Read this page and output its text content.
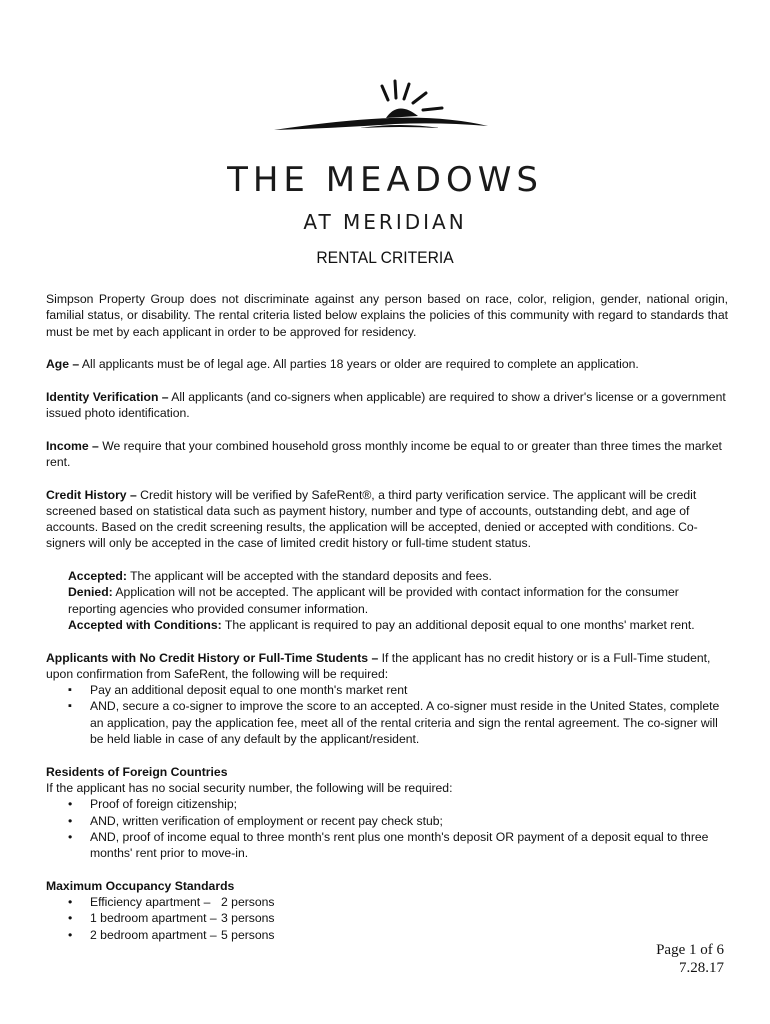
THE MEADOWS
AT MERIDIAN
RENTAL CRITERIA

Simpson Property Group does not discriminate against any person based on race, color, religion, gender, national origin, familial status, or disability. The rental criteria listed below explains the policies of this community with regard to standards that must be met by each applicant in order to be approved for residency.

Age – All applicants must be of legal age. All parties 18 years or older are required to complete an application.

Identity Verification – All applicants (and co-signers when applicable) are required to show a driver's license or a government issued photo identification.

Income – We require that your combined household gross monthly income be equal to or greater than three times the market rent.

Credit History – Credit history will be verified by SafeRent®, a third party verification service. The applicant will be credit screened based on statistical data such as payment history, number and type of accounts, outstanding debt, and age of accounts. Based on the credit screening results, the application will be accepted, denied or accepted with conditions. Co-signers will only be accepted in the case of limited credit history or full-time student status.

Accepted: The applicant will be accepted with the standard deposits and fees.

Denied: Application will not be accepted. The applicant will be provided with contact information for the consumer reporting agencies who provided consumer information.

Accepted with Conditions: The applicant is required to pay an additional deposit equal to one months' market rent.

Applicants with No Credit History or Full-Time Students – If the applicant has no credit history or is a Full-Time student, upon confirmation from SafeRent, the following will be required:

▪ Pay an additional deposit equal to one month's market rent
▪ AND, secure a co-signer to improve the score to an accepted. A co-signer must reside in the United States, complete an application, pay the application fee, meet all of the rental criteria and sign the rental agreement. The co-signer will be held liable in case of any default by the applicant/resident.

Residents of Foreign Countries
If the applicant has no social security number, the following will be required:

• Proof of foreign citizenship;
• AND, written verification of employment or recent pay check stub;
• AND, proof of income equal to three month's rent plus one month's deposit OR payment of a deposit equal to three months' rent prior to move-in.

Maximum Occupancy Standards

• Efficiency apartment – 2 persons
• 1 bedroom apartment – 3 persons
• 2 bedroom apartment – 5 persons
Page 1 of 6
7.28.17
